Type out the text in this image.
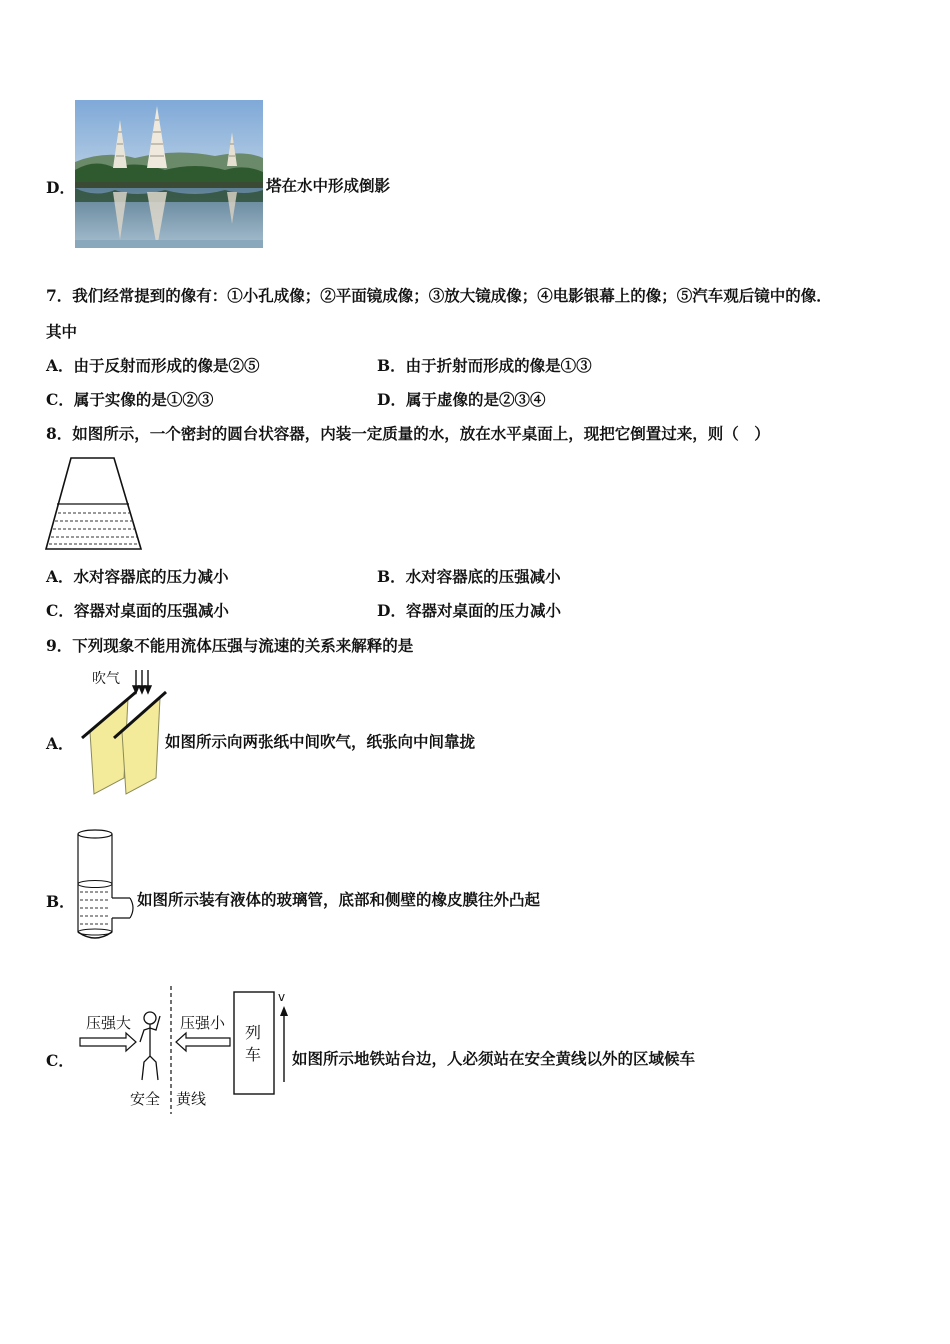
D．	塔在水中形成倒影
7．我们经常提到的像有：①小孔成像；②平面镜成像；③放大镜成像；④电影银幕上的像；⑤汽车观后镜中的像．
其中
A．由于反射而形成的像是②⑤	B．由于折射而形成的像是①③
C．属于实像的是①②③	D．属于虚像的是②③④
8．如图所示，一个密封的圆台状容器，内装一定质量的水，放在水平桌面上，现把它倒置过来，则（　）
A．水对容器底的压力减小	B．水对容器底的压强减小
C．容器对桌面的压强减小	D．容器对桌面的压力减小
9．下列现象不能用流体压强与流速的关系来解释的是
A．
吹气
如图所示向两张纸中间吹气，纸张向中间靠拢
B．	如图所示装有液体的玻璃管，底部和侧壁的橡皮膜往外凸起
C．
压强大	压强小 列
车
v
安全 黄线
如图所示地铁站台边，人必须站在安全黄线以外的区域候车
